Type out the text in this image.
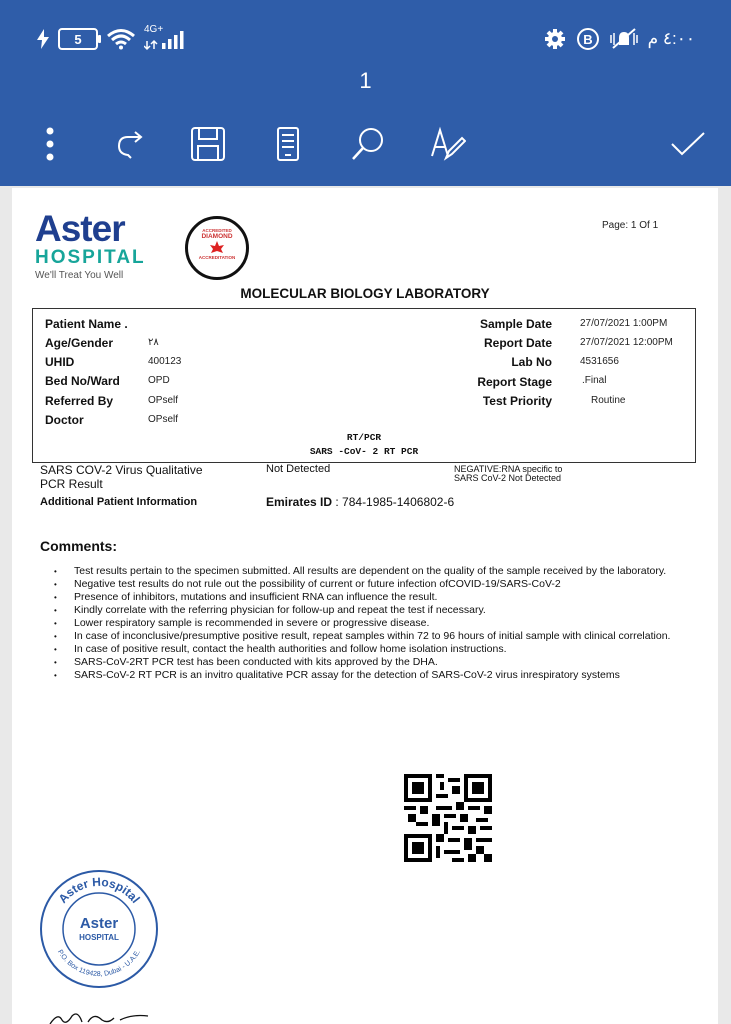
5
4G+
B	٤:٠٠ م
1
Aster
HOSPITAL
We'll Treat You Well
ACCREDITED
DIAMOND
ACCREDITATION
Page: 1 Of 1
MOLECULAR BIOLOGY LABORATORY
Patient Name .
Age/Gender	٢٨
UHID	400123
Bed No/Ward	OPD
Referred By	OPself
Doctor	OPself
Sample Date	27/07/2021 1:00PM
Report Date	27/07/2021 12:00PM
Lab No	4531656
Report Stage	.Final
Test Priority	Routine
RT/PCR
SARS -CoV- 2 RT PCR
SARS COV-2 Virus Qualitative
PCR Result
Not Detected	NEGATIVE:RNA specific to
SARS CoV-2 Not Detected
Additional Patient Information	Emirates ID : 784-1985-1406802-6
Comments:
• Test results pertain to the specimen submitted. All results are dependent on the quality of the sample received by the laboratory.
• Negative test results do not rule out the possibility of current or future infection ofCOVID-19/SARS-CoV-2
• Presence of inhibitors, mutations and insufficient RNA can influence the result.
• Kindly correlate with the referring physician for follow-up and repeat the test if necessary.
• Lower respiratory sample is recommended in severe or progressive disease.
• In case of inconclusive/presumptive positive result, repeat samples within 72 to 96 hours of initial sample with clinical correlation.
• In case of positive result, contact the health authorities and follow home isolation instructions.
• SARS-CoV-2RT PCR test has been conducted with kits approved by the DHA.
• SARS-CoV-2 RT PCR is an invitro qualitative PCR assay for the detection of SARS-CoV-2 virus inrespiratory systems
Aster Hospital
P.O. Box 119428, Dubai - U.A.E.
Aster
HOSPITAL
